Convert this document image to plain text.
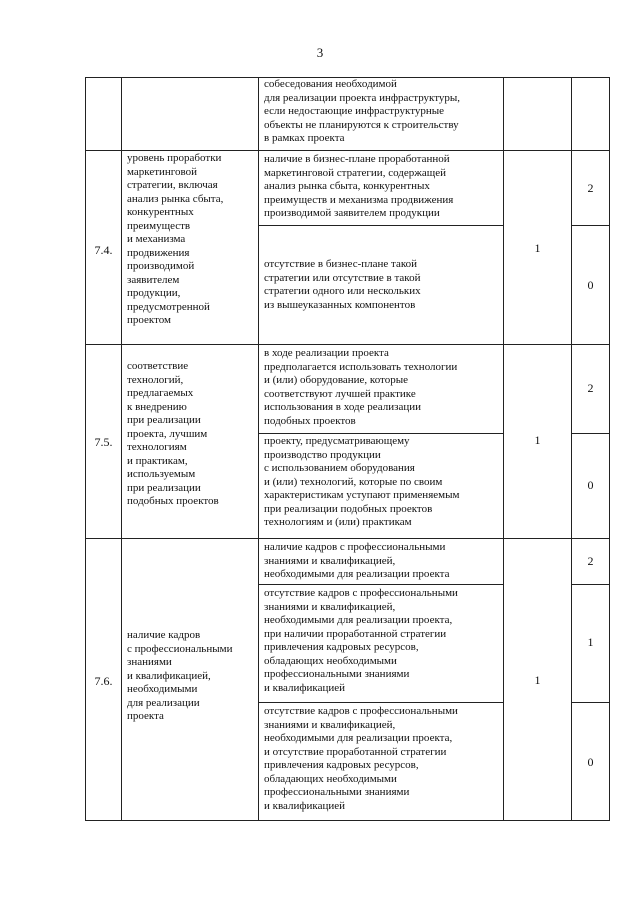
3
собеседования необходимой
для реализации проекта инфраструктуры,
если недостающие инфраструктурные
объекты не планируются к строительству
в рамках проекта
7.4.
уровень проработки
маркетинговой
стратегии, включая
анализ рынка сбыта,
конкурентных
преимуществ
и механизма
продвижения
производимой
заявителем
продукции,
предусмотренной
проектом
наличие в бизнес-плане проработанной
маркетинговой стратегии, содержащей
анализ рынка сбыта, конкурентных
преимуществ и механизма продвижения
производимой заявителем продукции
отсутствие в бизнес-плане такой
стратегии или отсутствие в такой
стратегии одного или нескольких
из вышеуказанных компонентов
1
2
0
7.5.
соответствие
технологий,
предлагаемых
к внедрению
при реализации
проекта, лучшим
технологиям
и практикам,
используемым
при реализации
подобных проектов
в ходе реализации проекта
предполагается использовать технологии
и (или) оборудование, которые
соответствуют лучшей практике
использования в ходе реализации
подобных проектов
проекту, предусматривающему
производство продукции
с использованием оборудования
и (или) технологий, которые по своим
характеристикам уступают применяемым
при реализации подобных проектов
технологиям и (или) практикам
1
2
0
7.6.
наличие кадров
с профессиональными
знаниями
и квалификацией,
необходимыми
для реализации
проекта
наличие кадров с профессиональными
знаниями и квалификацией,
необходимыми для реализации проекта
отсутствие кадров с профессиональными
знаниями и квалификацией,
необходимыми для реализации проекта,
при наличии проработанной стратегии
привлечения кадровых ресурсов,
обладающих необходимыми
профессиональными знаниями
и квалификацией
отсутствие кадров с профессиональными
знаниями и квалификацией,
необходимыми для реализации проекта,
и отсутствие проработанной стратегии
привлечения кадровых ресурсов,
обладающих необходимыми
профессиональными знаниями
и квалификацией
1
2
1
0
